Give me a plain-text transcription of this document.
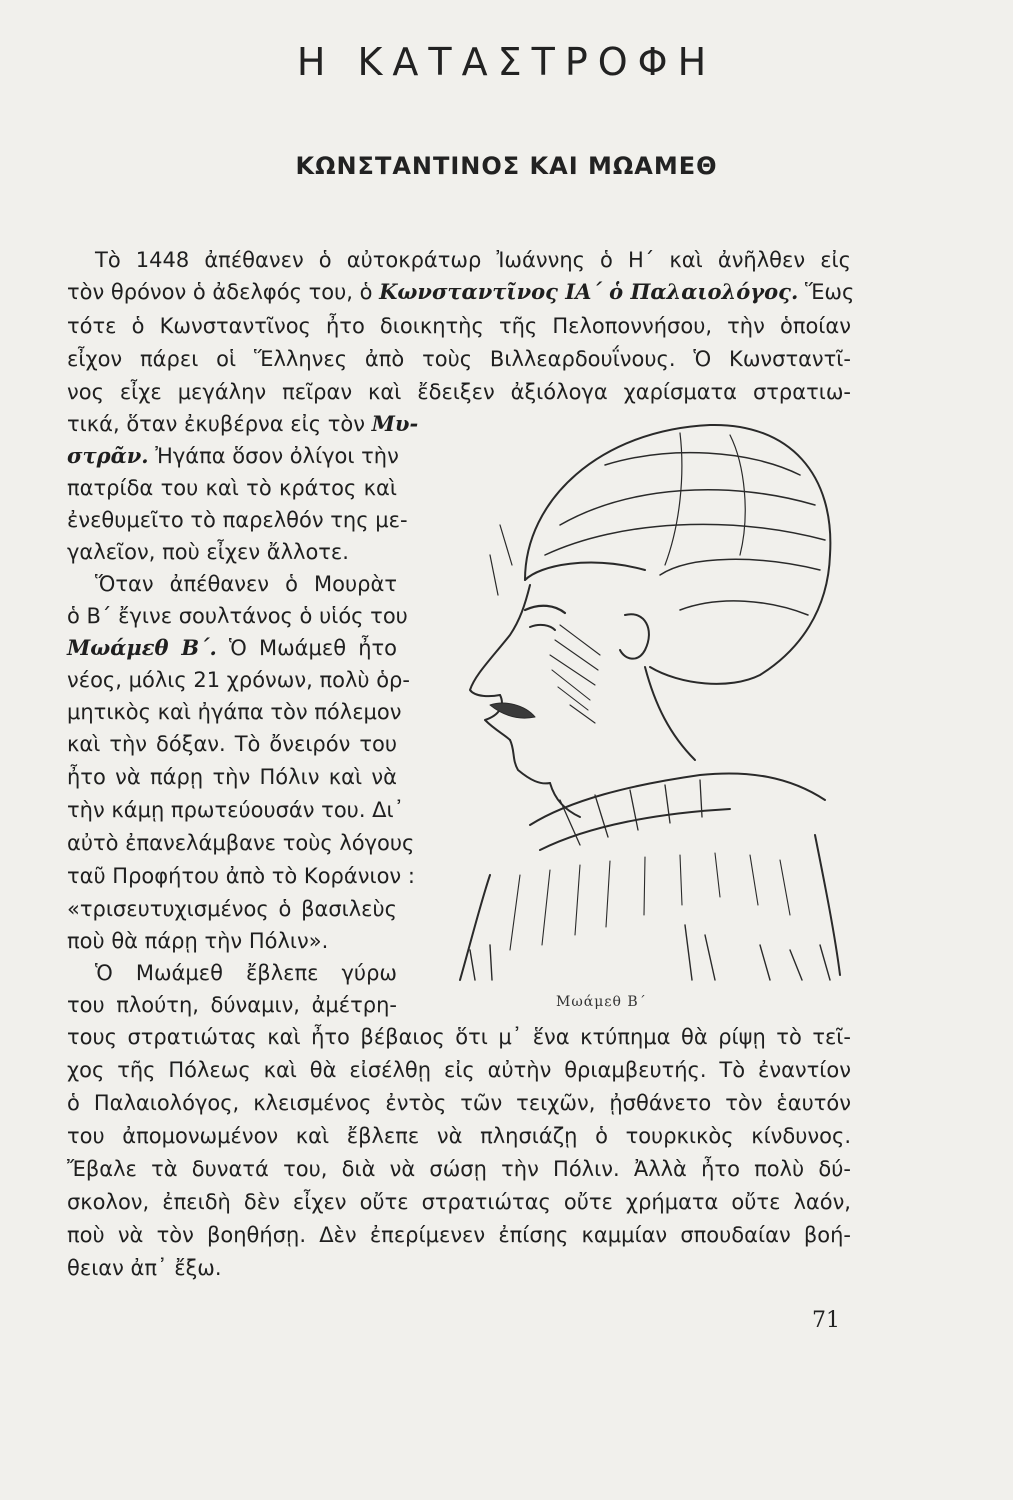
Η ΚΑΤΑΣΤΡΟΦΗ
ΚΩΝΣΤΑΝΤΙΝΟΣ ΚΑΙ ΜΩΑΜΕΘ
Τὸ 1448 ἀπέθανεν ὁ αὐτοκράτωρ Ἰωάννης ὁ Η΄ καὶ ἀνῆλθεν εἰς
τὸν θρόνον ὁ ἀδελφός του, ὁ Κωνσταντῖνος ΙΑ΄ ὁ Παλαιολόγος. Ἕως
τότε ὁ Κωνσταντῖνος ἦτο διοικητὴς τῆς Πελοποννήσου, τὴν ὁποίαν
εἶχον πάρει οἱ Ἕλληνες ἀπὸ τοὺς Βιλλεαρδουΐνους. Ὁ Κωνσταντῖ-
νος εἶχε μεγάλην πεῖραν καὶ ἔδειξεν ἀξιόλογα χαρίσματα στρατιω-
τικά, ὅταν ἐκυβέρνα εἰς τὸν Μυ-
στρᾶν. Ἠγάπα ὅσον ὀλίγοι τὴν
πατρίδα του καὶ τὸ κράτος καὶ
ἐνεθυμεῖτο τὸ παρελθόν της με-
γαλεῖον, ποὺ εἶχεν ἄλλοτε.
Ὅταν ἀπέθανεν ὁ Μουρὰτ
ὁ Β΄ ἔγινε σουλτάνος ὁ υἱός του
Μωάμεθ Β΄. Ὁ Μωάμεθ ἦτο
νέος, μόλις 21 χρόνων, πολὺ ὁρ-
μητικὸς καὶ ἠγάπα τὸν πόλεμον
καὶ τὴν δόξαν. Τὸ ὄνειρόν του
ἦτο νὰ πάρῃ τὴν Πόλιν καὶ νὰ
τὴν κάμῃ πρωτεύουσάν του. Δι᾽
αὐτὸ ἐπανελάμβανε τοὺς λόγους
ταῦ Προφήτου ἀπὸ τὸ Κοράνιον :
«τρισευτυχισμένος ὁ βασιλεὺς
ποὺ θὰ πάρῃ τὴν Πόλιν».
Ὁ Μωάμεθ ἔβλεπε γύρω
του πλούτη, δύναμιν, ἀμέτρη-
τους στρατιώτας καὶ ἦτο βέβαιος ὅτι μ᾽ ἕνα κτύπημα θὰ ρίψῃ τὸ τεῖ-
χος τῆς Πόλεως καὶ θὰ εἰσέλθῃ εἰς αὐτὴν θριαμβευτής. Τὸ ἐναντίον
ὁ Παλαιολόγος, κλεισμένος ἐντὸς τῶν τειχῶν, ᾐσθάνετο τὸν ἑαυτόν
του ἀπομονωμένον καὶ ἔβλεπε νὰ πλησιάζῃ ὁ τουρκικὸς κίνδυνος.
Ἔβαλε τὰ δυνατά του, διὰ νὰ σώσῃ τὴν Πόλιν. Ἀλλὰ ἦτο πολὺ δύ-
σκολον, ἐπειδὴ δὲν εἶχεν οὔτε στρατιώτας οὔτε χρήματα οὔτε λαόν,
ποὺ νὰ τὸν βοηθήσῃ. Δὲν ἐπερίμενεν ἐπίσης καμμίαν σπουδαίαν βοή-
θειαν ἀπ᾽ ἔξω.
Μωάμεθ Β΄
71
